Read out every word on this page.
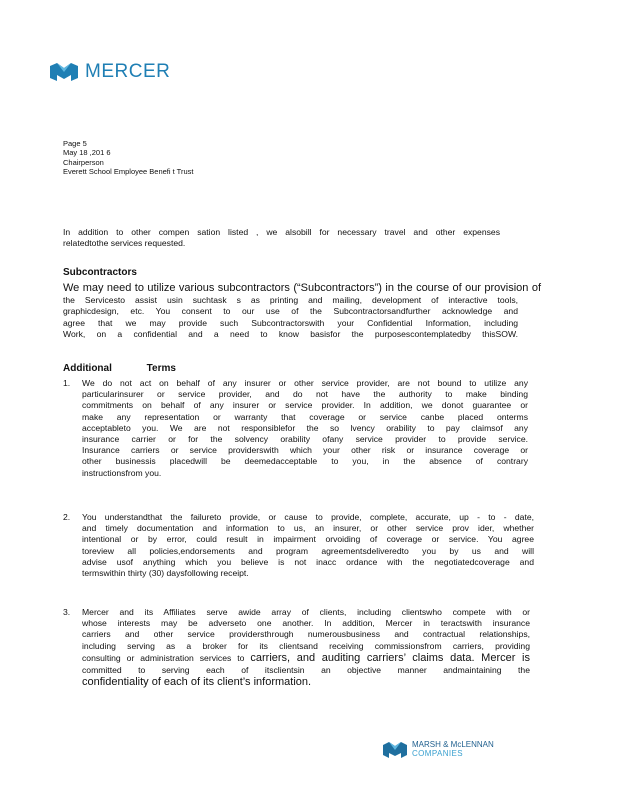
MERCER
Page 5
May 18 ,201 6
Chairperson
Everett School Employee Benefi t Trust

In addition to other compen sation listed , we alsobill for necessary travel and other expenses

relatedtothe services requested.

Subcontractors

We may need to utilize various subcontractors (“Subcontractors”) in the course of our provision of

the Servicesto assist usin suchtask s as printing and mailing, development of interactive tools,

graphicdesign, etc. You consent to our use of the Subcontractorsandfurther acknowledge and

agree that we may provide such Subcontractorswith your Confidential Information, including

Work, on a confidential and a need to know basisfor the purposescontemplatedby thisSOW.

Additional Terms
1.	We do not act on behalf of any insurer or other service provider, are not bound to utilize any

particularinsurer or service provider, and do not have the authority to make binding

commitments on behalf of any insurer or service provider. In addition, we donot guarantee or

make any representation or warranty that coverage or service canbe placed onterms

acceptableto you. We are not responsiblefor the so lvency orability to pay claimsof any

insurance carrier or for the solvency orability ofany service provider to provide service.

Insurance carriers or service providerswith which your other risk or insurance coverage or

other businessis placedwill be deemedacceptable to you, in the absence of contrary

instructionsfrom you.

2.	You understandthat the failureto provide, or cause to provide, complete, accurate, up - to - date,

and timely documentation and information to us, an insurer, or other service prov ider, whether

intentional or by error, could result in impairment orvoiding of coverage or service. You agree

toreview all policies,endorsements and program agreementsdeliveredto you by us and will

advise usof anything which you believe is not inacc ordance with the negotiatedcoverage and

termswithin thirty (30) daysfollowing receipt.

3.	Mercer and its Affiliates serve awide array of clients, including clientswho compete with or

whose interests may be adverseto one another. In addition, Mercer in teractswith insurance

carriers and other service providersthrough numerousbusiness and contractual relationships,

including serving as a broker for its clientsand receiving commissionsfrom carriers, providing

consulting or administration services to carriers, and auditing carriers’ claims data. Mercer is

committed to serving each of itsclientsin an objective manner andmaintaining the

confidentiality of each of its client’s information.

MARSH & McLENNAN
COMPANIES
